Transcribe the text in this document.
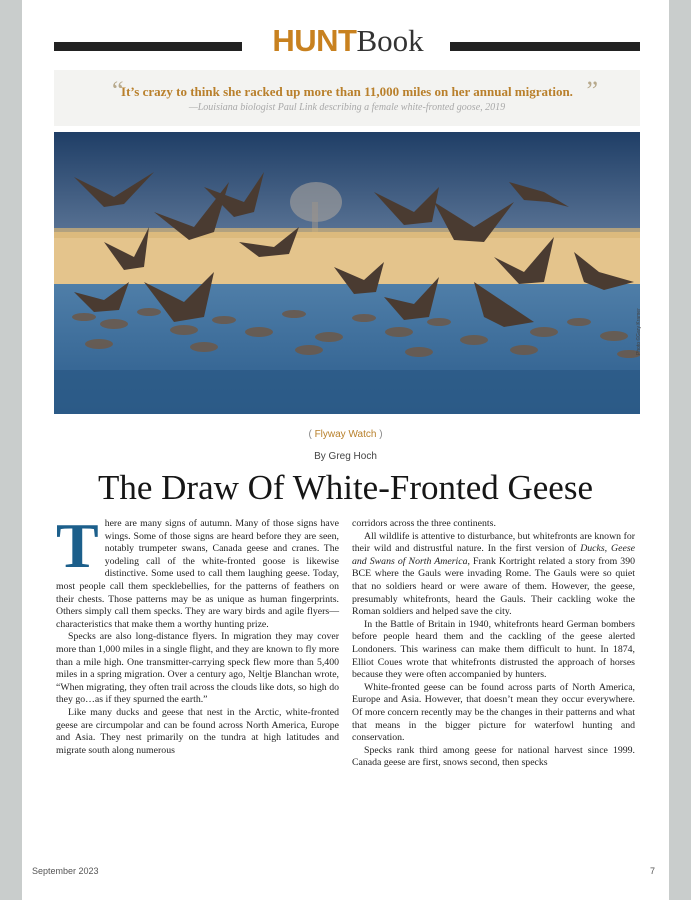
HUNTBook
“
It’s crazy to think she racked up more than 11,000 miles on her annual migration.
—Louisiana biologist Paul Link describing a female white-fronted goose, 2019
”
Photo ©Gary Kramer
( Flyway Watch )
By Greg Hoch
The Draw Of White-Fronted Geese

There are many signs of autumn. Many of those signs have wings. Some of those signs are heard before they are seen, notably trumpeter swans, Canada geese and cranes. The yodeling call of the white-fronted goose is likewise distinctive. Some used to call them laughing geese. Today, most people call them specklebellies, for the patterns of feathers on their chests. Those patterns may be as unique as human fingerprints. Others simply call them specks. They are wary birds and agile flyers—characteristics that make them a worthy hunting prize.

Specks are also long-distance flyers. In migration they may cover more than 1,000 miles in a single flight, and they are known to fly more than a mile high. One transmitter-carrying speck flew more than 5,400 miles in a spring migration. Over a century ago, Neltje Blanchan wrote, “When migrating, they often trail across the clouds like dots, so high do they go…as if they spurned the earth.”

Like many ducks and geese that nest in the Arctic, white-fronted geese are circumpolar and can be found across North America, Europe and Asia. They nest primarily on the tundra at high latitudes and migrate south along numerous

corridors across the three continents.

All wildlife is attentive to disturbance, but whitefronts are known for their wild and distrustful nature. In the first version of Ducks, Geese and Swans of North America, Frank Kortright related a story from 390 BCE where the Gauls were invading Rome. The Gauls were so quiet that no soldiers heard or were aware of them. However, the geese, presumably whitefronts, heard the Gauls. Their cackling woke the Roman soldiers and helped save the city.

In the Battle of Britain in 1940, whitefronts heard German bombers before people heard them and the cackling of the geese alerted Londoners. This wariness can make them difficult to hunt. In 1874, Elliot Coues wrote that whitefronts distrusted the approach of horses because they were often accompanied by hunters.

White-fronted geese can be found across parts of North America, Europe and Asia. However, that doesn’t mean they occur everywhere. Of more concern recently may be the changes in their patterns and what that means in the bigger picture for waterfowl hunting and conservation.

Specks rank third among geese for national harvest since 1999. Canada geese are first, snows second, then specks

September 2023	7
